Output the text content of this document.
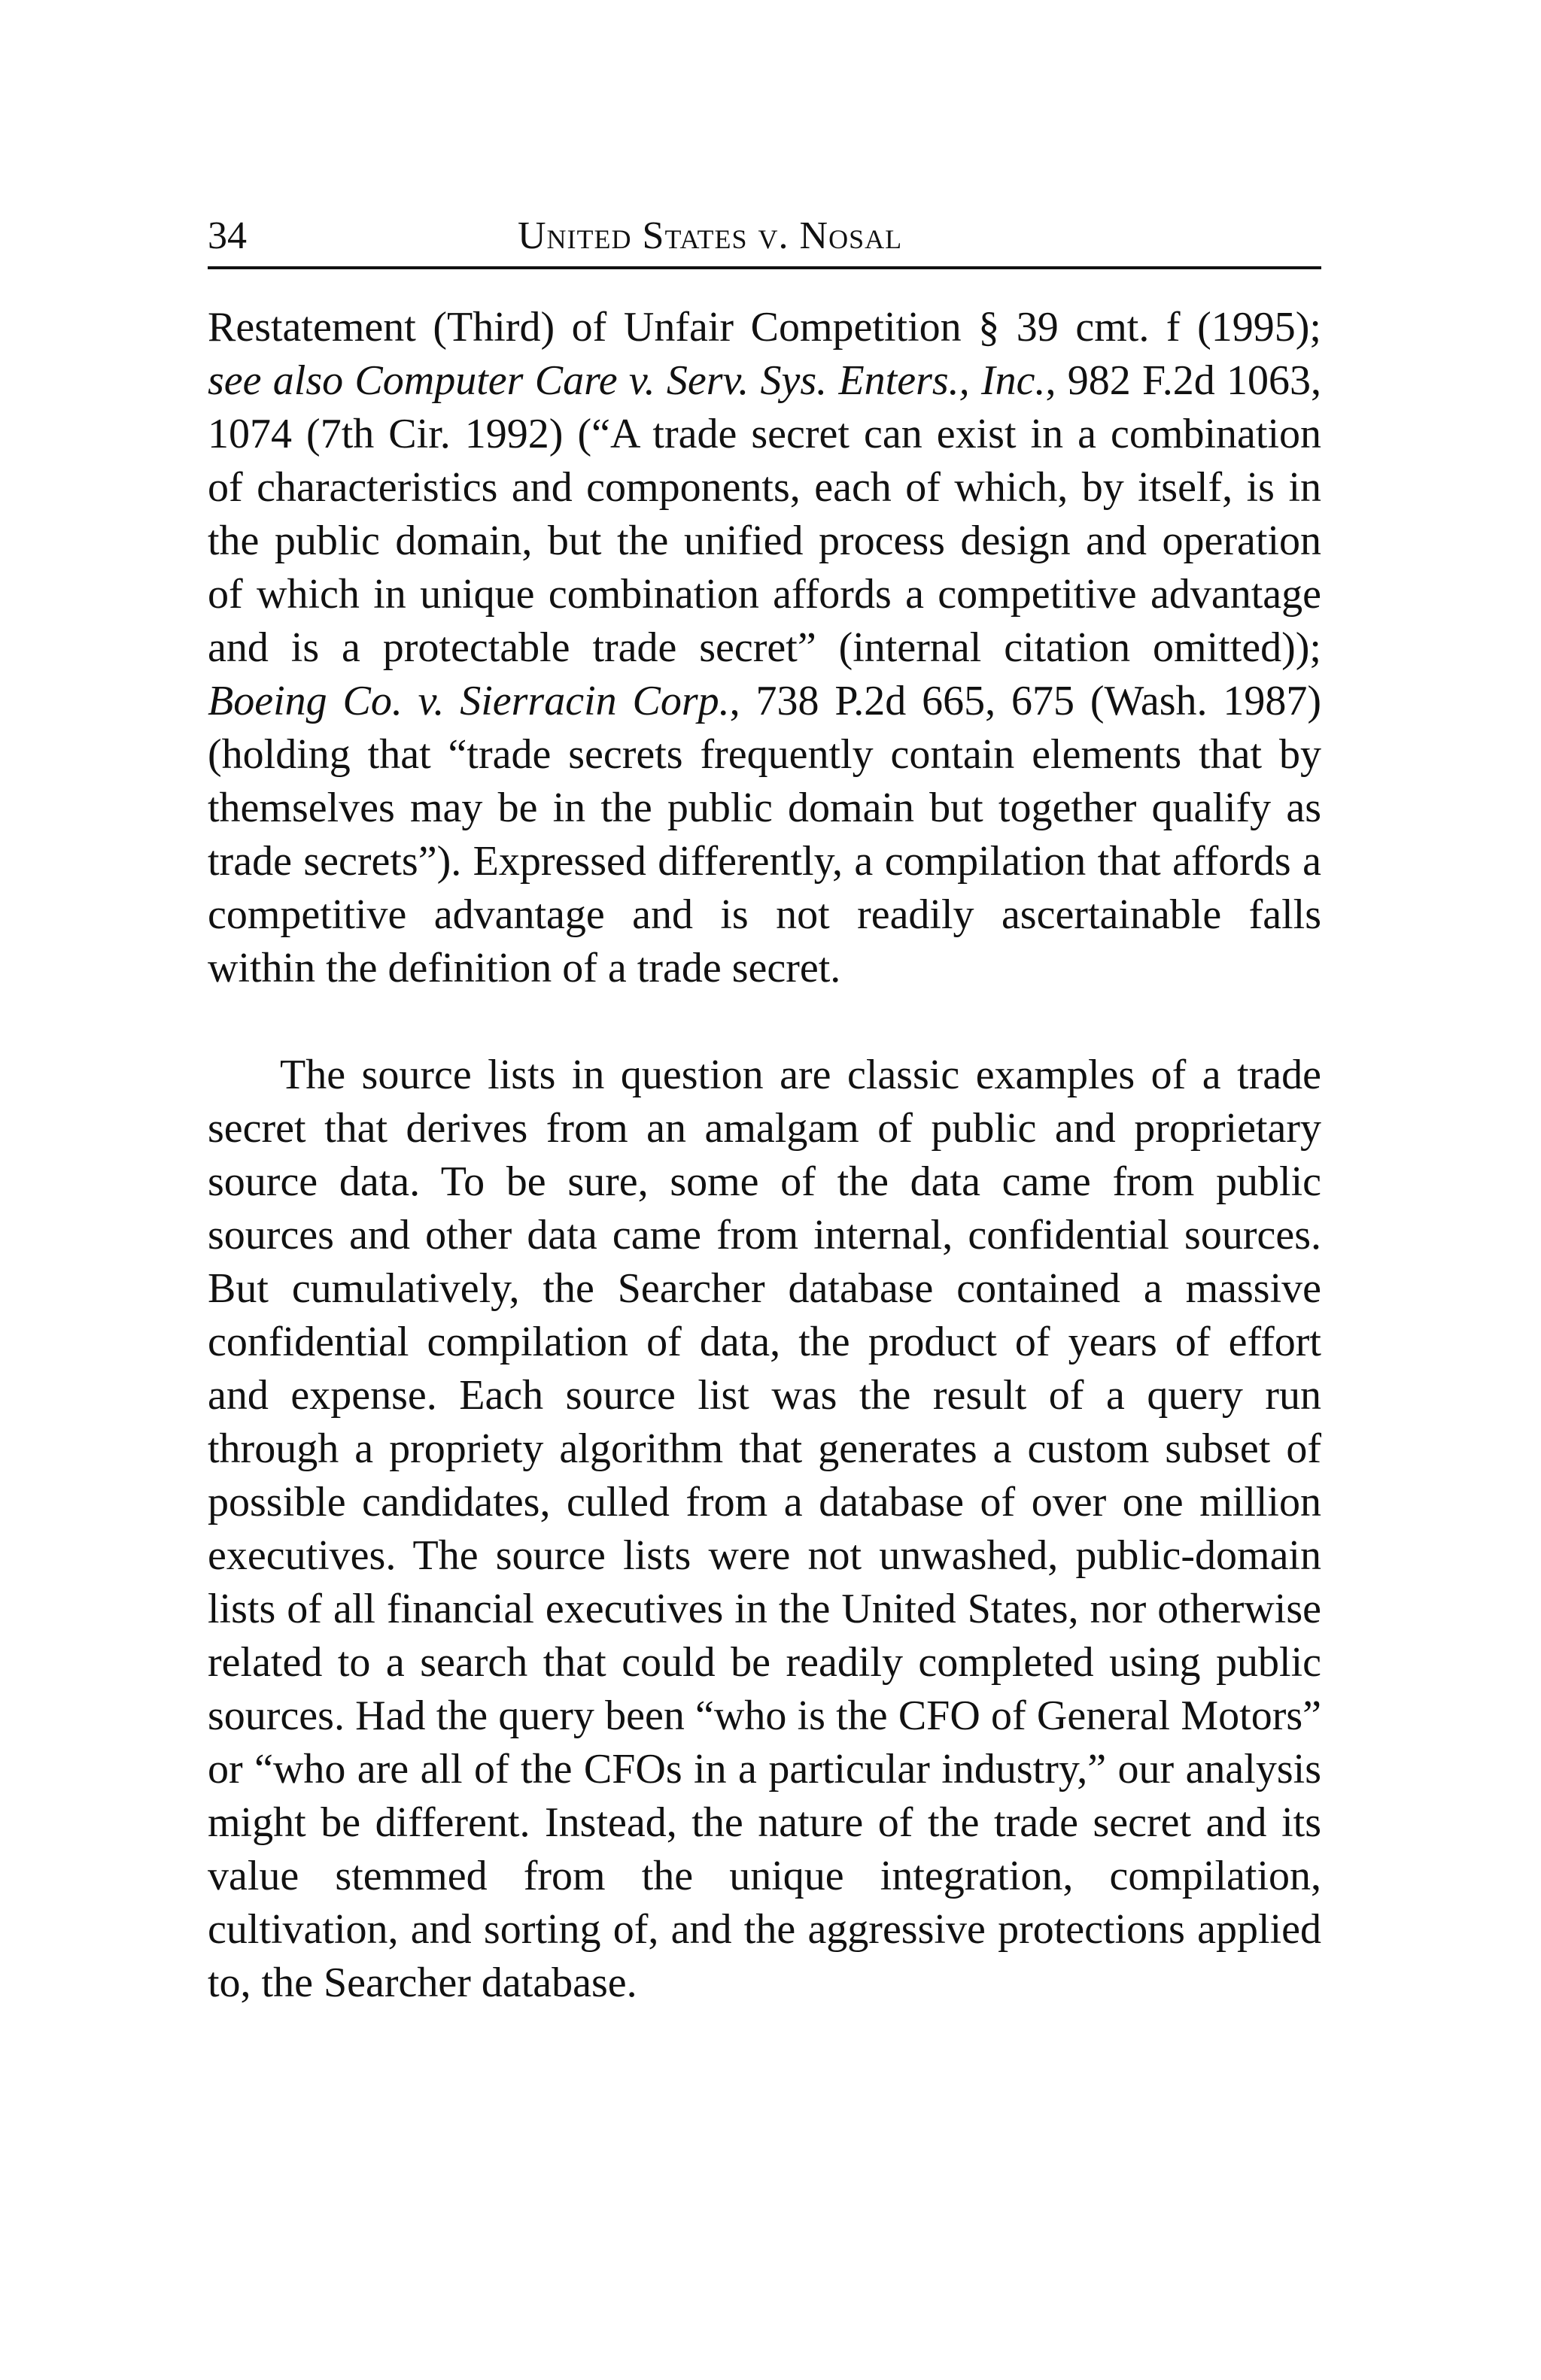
34	United States v. Nosal

Restatement (Third) of Unfair Competition § 39 cmt. f (1995); see also Computer Care v. Serv. Sys. Enters., Inc., 982 F.2d 1063, 1074 (7th Cir. 1992) (“A trade secret can exist in a combination of characteristics and components, each of which, by itself, is in the public domain, but the unified process design and operation of which in unique combination affords a competitive advantage and is a protectable trade secret” (internal citation omitted)); Boeing Co. v. Sierracin Corp., 738 P.2d 665, 675 (Wash. 1987) (holding that “trade secrets frequently contain elements that by themselves may be in the public domain but together qualify as trade secrets”). Expressed differently, a compilation that affords a competitive advantage and is not readily ascertainable falls within the definition of a trade secret.

The source lists in question are classic examples of a trade secret that derives from an amalgam of public and proprietary source data. To be sure, some of the data came from public sources and other data came from internal, confidential sources. But cumulatively, the Searcher database contained a massive confidential compilation of data, the product of years of effort and expense. Each source list was the result of a query run through a propriety algorithm that generates a custom subset of possible candidates, culled from a database of over one million executives. The source lists were not unwashed, public-domain lists of all financial executives in the United States, nor otherwise related to a search that could be readily completed using public sources. Had the query been “who is the CFO of General Motors” or “who are all of the CFOs in a particular industry,” our analysis might be different. Instead, the nature of the trade secret and its value stemmed from the unique integration, compilation, cultivation, and sorting of, and the aggressive protections applied to, the Searcher database.
